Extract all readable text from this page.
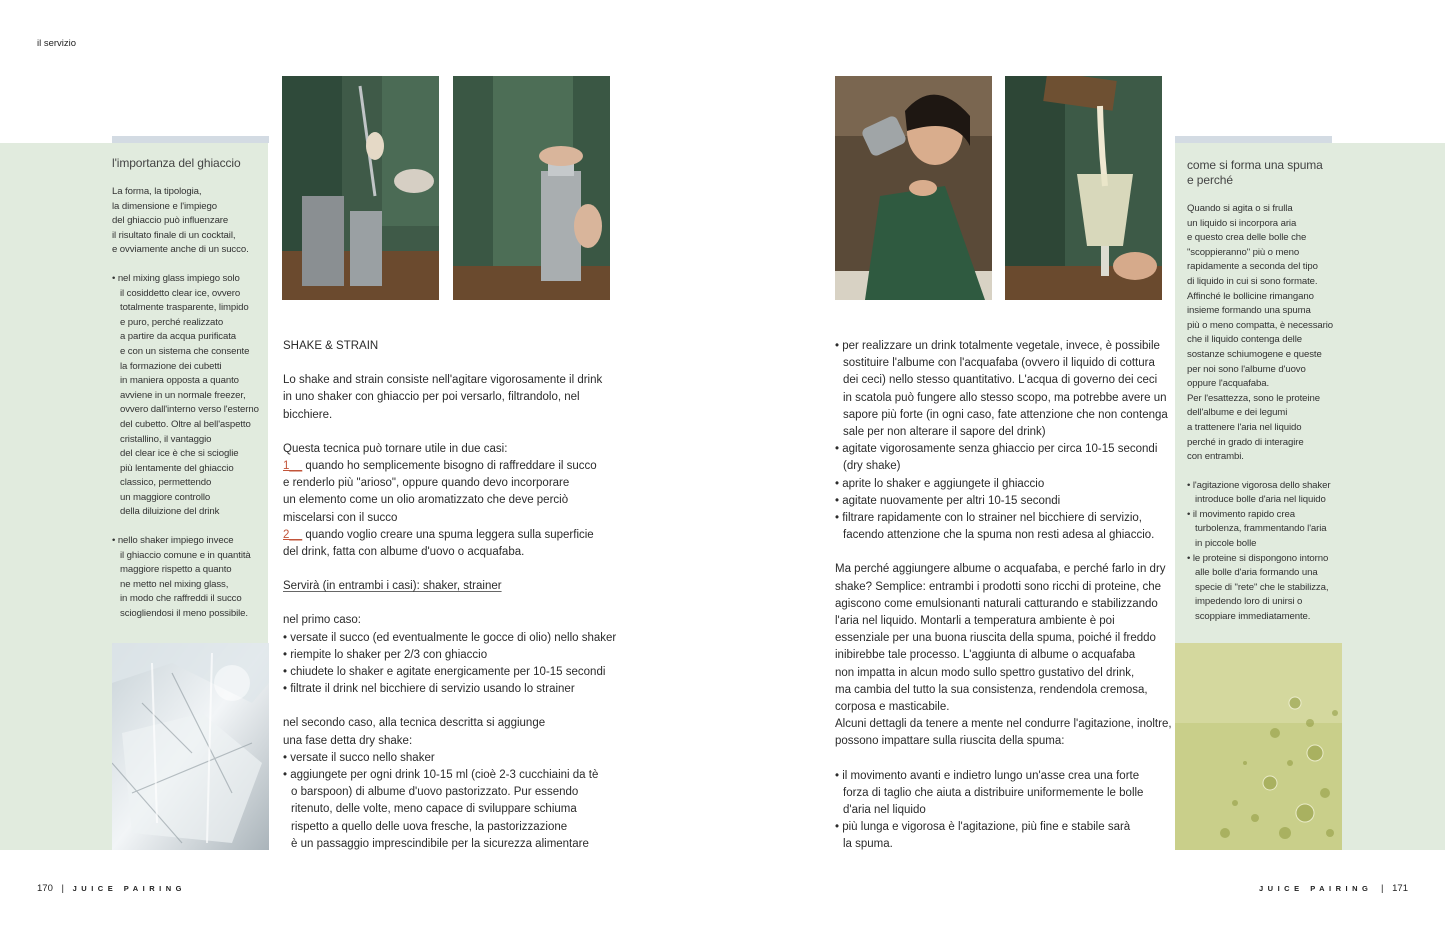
il servizio
l'importanza del ghiaccio
La forma, la tipologia,
la dimensione e l'impiego
del ghiaccio può influenzare
il risultato finale di un cocktail,
e ovviamente anche di un succo.
• nel mixing glass impiego solo
il cosiddetto clear ice, ovvero
totalmente trasparente, limpido
e puro, perché realizzato
a partire da acqua purificata
e con un sistema che consente
la formazione dei cubetti
in maniera opposta a quanto
avviene in un normale freezer,
ovvero dall'interno verso l'esterno
del cubetto. Oltre al bell'aspetto
cristallino, il vantaggio
del clear ice è che si scioglie
più lentamente del ghiaccio
classico, permettendo
un maggiore controllo
della diluizione del drink
• nello shaker impiego invece
il ghiaccio comune e in quantità
maggiore rispetto a quanto
ne metto nel mixing glass,
in modo che raffreddi il succo
sciogliendosi il meno possibile.
SHAKE & STRAIN
Lo shake and strain consiste nell'agitare vigorosamente il drink
in uno shaker con ghiaccio per poi versarlo, filtrandolo, nel
bicchiere.
Questa tecnica può tornare utile in due casi:
1__ quando ho semplicemente bisogno di raffreddare il succo
e renderlo più "arioso", oppure quando devo incorporare
un elemento come un olio aromatizzato che deve perciò
miscelarsi con il succo
2__ quando voglio creare una spuma leggera sulla superficie
del drink, fatta con albume d'uovo o acquafaba.
Servirà (in entrambi i casi): shaker, strainer
nel primo caso:
• versate il succo (ed eventualmente le gocce di olio) nello shaker
• riempite lo shaker per 2/3 con ghiaccio
• chiudete lo shaker e agitate energicamente per 10-15 secondi
• filtrate il drink nel bicchiere di servizio usando lo strainer
nel secondo caso, alla tecnica descritta si aggiunge
una fase detta dry shake:
• versate il succo nello shaker
• aggiungete per ogni drink 10-15 ml (cioè 2-3 cucchiaini da tè
o barspoon) di albume d'uovo pastorizzato. Pur essendo
ritenuto, delle volte, meno capace di sviluppare schiuma
rispetto a quello delle uova fresche, la pastorizzazione
è un passaggio imprescindibile per la sicurezza alimentare
• per realizzare un drink totalmente vegetale, invece, è possibile
sostituire l'albume con l'acquafaba (ovvero il liquido di cottura
dei ceci) nello stesso quantitativo. L'acqua di governo dei ceci
in scatola può fungere allo stesso scopo, ma potrebbe avere un
sapore più forte (in ogni caso, fate attenzione che non contenga
sale per non alterare il sapore del drink)
• agitate vigorosamente senza ghiaccio per circa 10-15 secondi
(dry shake)
• aprite lo shaker e aggiungete il ghiaccio
• agitate nuovamente per altri 10-15 secondi
• filtrare rapidamente con lo strainer nel bicchiere di servizio,
facendo attenzione che la spuma non resti adesa al ghiaccio.
Ma perché aggiungere albume o acquafaba, e perché farlo in dry
shake? Semplice: entrambi i prodotti sono ricchi di proteine, che
agiscono come emulsionanti naturali catturando e stabilizzando
l'aria nel liquido. Montarli a temperatura ambiente è poi
essenziale per una buona riuscita della spuma, poiché il freddo
inibirebbe tale processo. L'aggiunta di albume o acquafaba
non impatta in alcun modo sullo spettro gustativo del drink,
ma cambia del tutto la sua consistenza, rendendola cremosa,
corposa e masticabile.
Alcuni dettagli da tenere a mente nel condurre l'agitazione, inoltre,
possono impattare sulla riuscita della spuma:
• il movimento avanti e indietro lungo un'asse crea una forte
forza di taglio che aiuta a distribuire uniformemente le bolle
d'aria nel liquido
• più lunga e vigorosa è l'agitazione, più fine e stabile sarà
la spuma.
come si forma una spuma
e perché
Quando si agita o si frulla
un liquido si incorpora aria
e questo crea delle bolle che
"scoppieranno" più o meno
rapidamente a seconda del tipo
di liquido in cui si sono formate.
Affinché le bollicine rimangano
insieme formando una spuma
più o meno compatta, è necessario
che il liquido contenga delle
sostanze schiumogene e queste
per noi sono l'albume d'uovo
oppure l'acquafaba.
Per l'esattezza, sono le proteine
dell'albume e dei legumi
a trattenere l'aria nel liquido
perché in grado di interagire
con entrambi.
• l'agitazione vigorosa dello shaker
introduce bolle d'aria nel liquido
• il movimento rapido crea
turbolenza, frammentando l'aria
in piccole bolle
• le proteine si dispongono intorno
alle bolle d'aria formando una
specie di "rete" che le stabilizza,
impedendo loro di unirsi o
scoppiare immediatamente.
170 | JUICE PAIRING	JUICE PAIRING | 171
